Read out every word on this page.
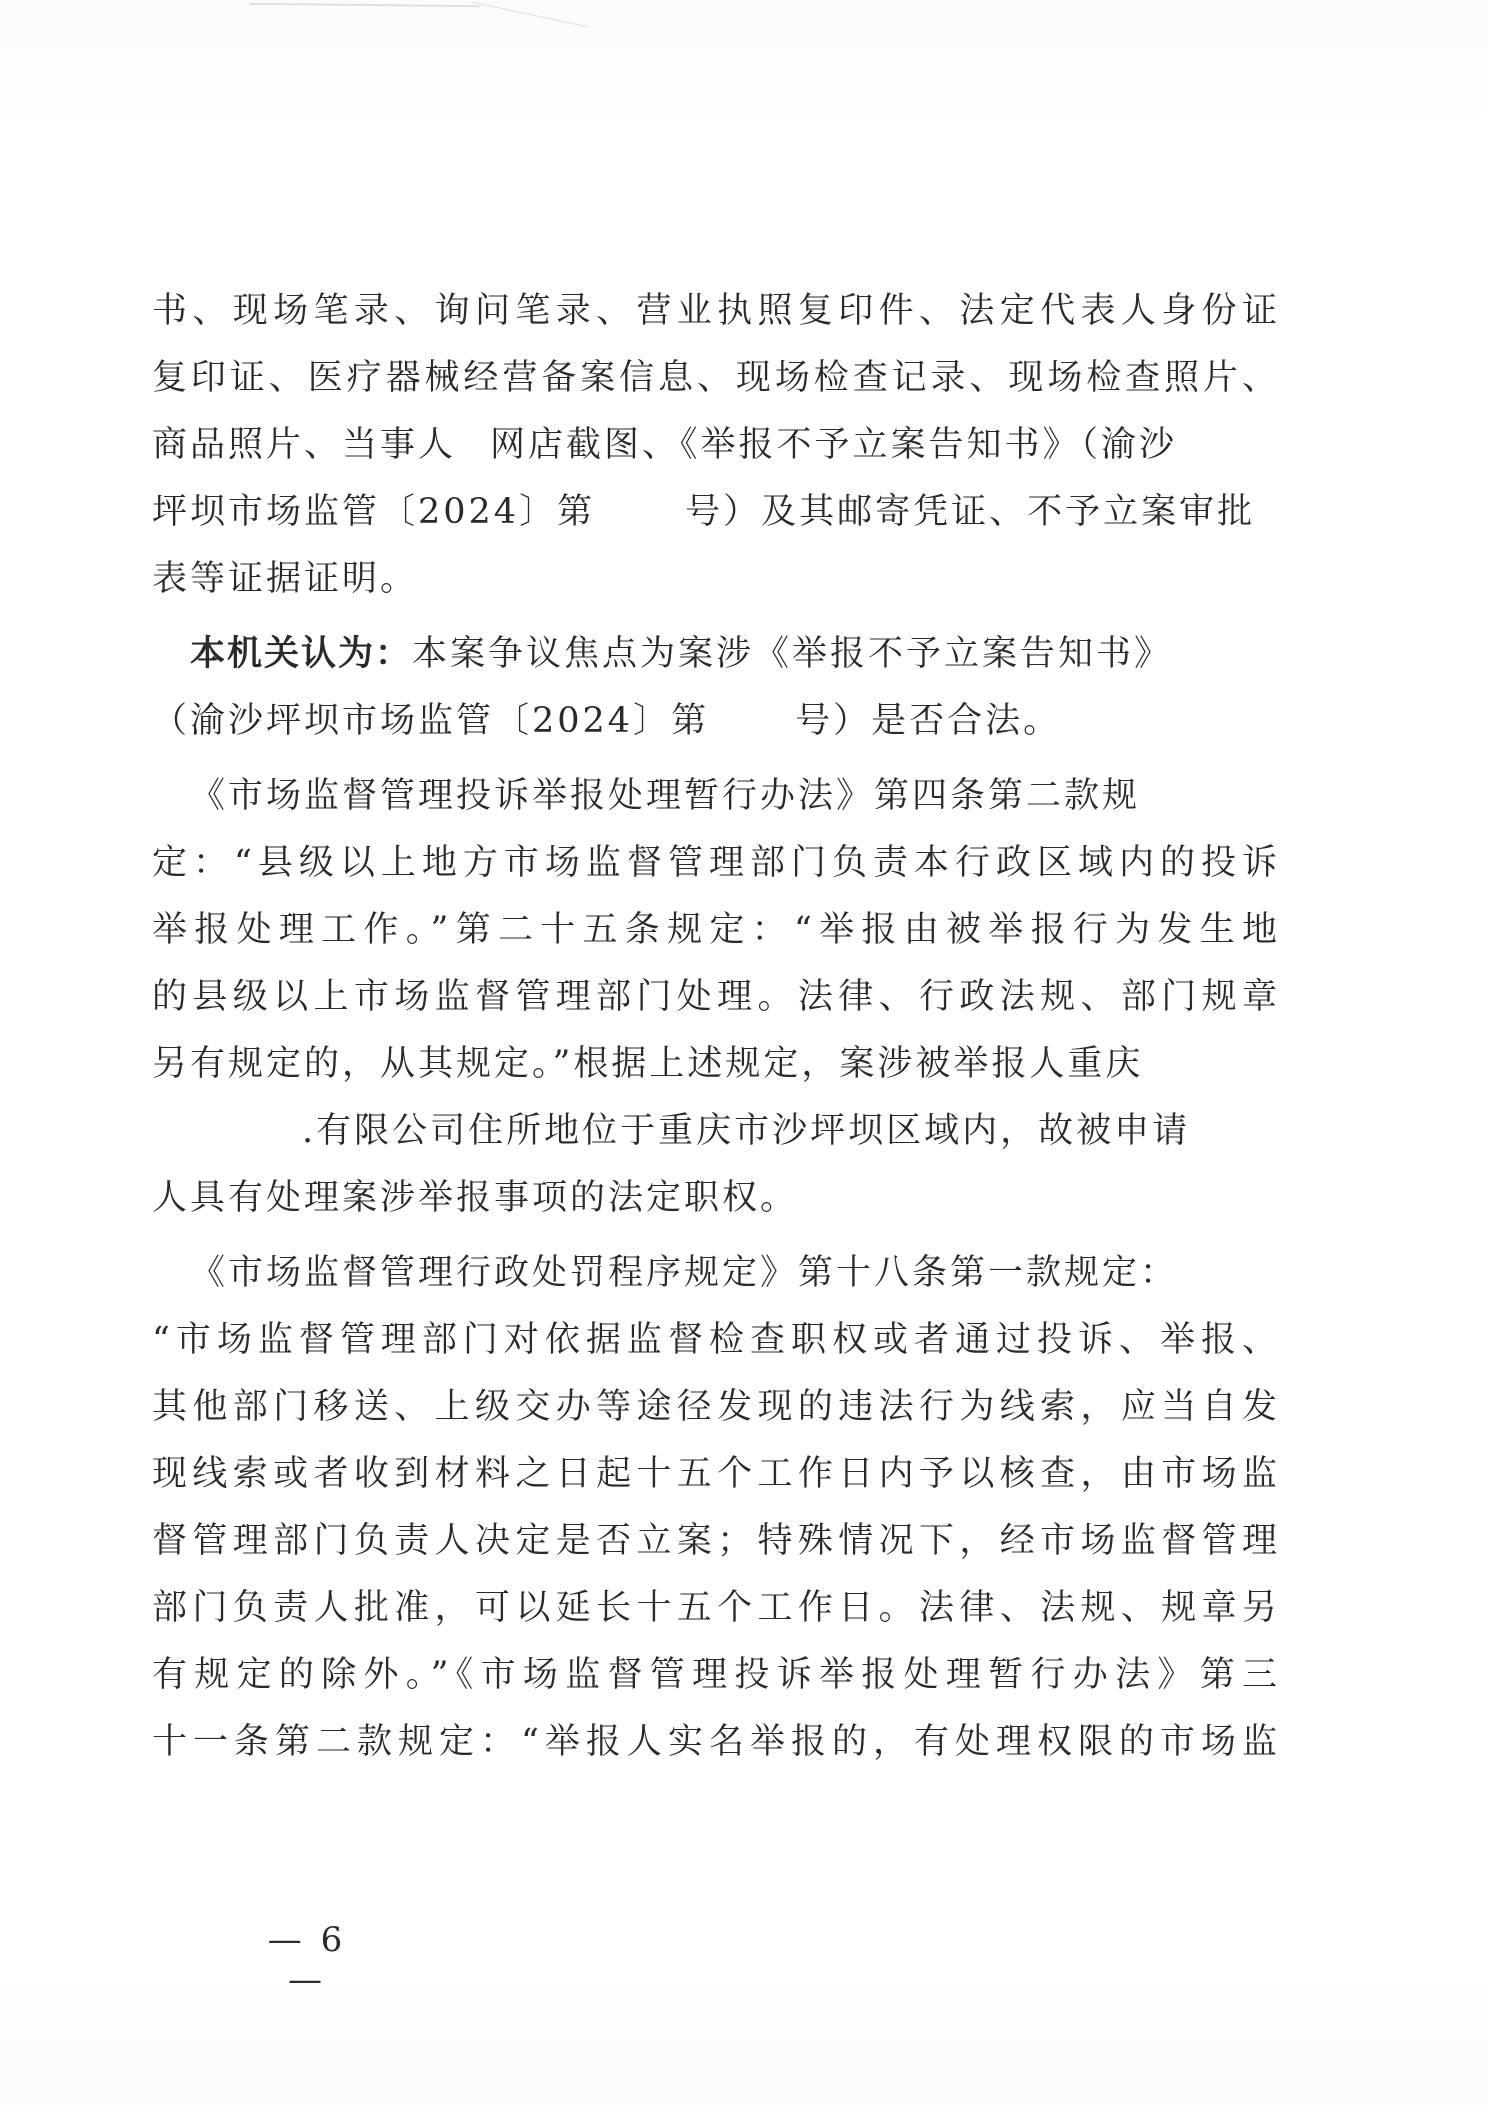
书、现场笔录、询问笔录、营业执照复印件、法定代表人身份证
复印证、医疗器械经营备案信息、现场检查记录、现场检查照片、
商品照片、当事人 网店截图、《举报不予立案告知书》（渝沙
坪坝市场监管〔2024〕第	号）及其邮寄凭证、不予立案审批
表等证据证明。
 本机关认为：本案争议焦点为案涉《举报不予立案告知书》
（渝沙坪坝市场监管〔2024〕第 号）是否合法。
 《市场监督管理投诉举报处理暂行办法》第四条第二款规
定：“县级以上地方市场监督管理部门负责本行政区域内的投诉
举报处理工作。”第二十五条规定：“举报由被举报行为发生地
的县级以上市场监督管理部门处理。法律、行政法规、部门规章
另有规定的，从其规定。”根据上述规定，案涉被举报人重庆
.有限公司住所地位于重庆市沙坪坝区域内，故被申请
人具有处理案涉举报事项的法定职权。
 《市场监督管理行政处罚程序规定》第十八条第一款规定：
“市场监督管理部门对依据监督检查职权或者通过投诉、举报、
其他部门移送、上级交办等途径发现的违法行为线索，应当自发
现线索或者收到材料之日起十五个工作日内予以核查，由市场监
督管理部门负责人决定是否立案；特殊情况下，经市场监督管理
部门负责人批准，可以延长十五个工作日。法律、法规、规章另
有规定的除外。”《市场监督管理投诉举报处理暂行办法》第三
十一条第二款规定：“举报人实名举报的，有处理权限的市场监
— 6 —
